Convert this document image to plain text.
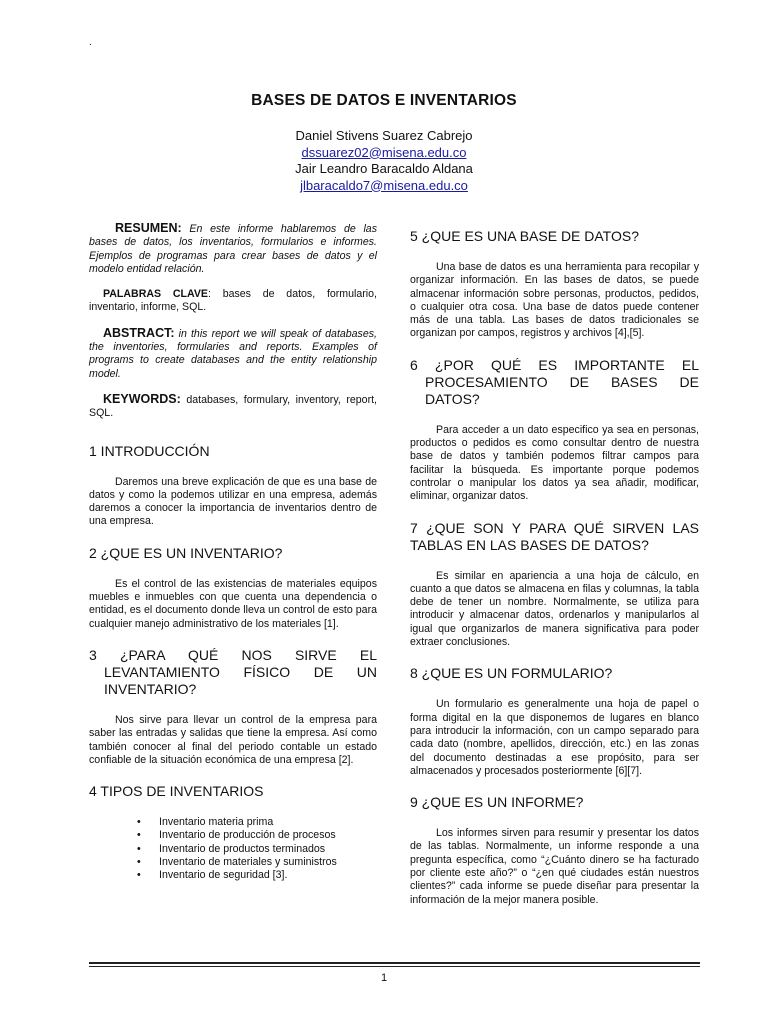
.
BASES DE DATOS E INVENTARIOS
Daniel Stivens Suarez Cabrejo
dssuarez02@misena.edu.co
Jair Leandro Baracaldo Aldana
jlbaracaldo7@misena.edu.co

RESUMEN: En este informe hablaremos de las bases de datos, los inventarios, formularios e informes. Ejemplos de programas para crear bases de datos y el modelo entidad relación.

PALABRAS CLAVE: bases de datos, formulario, inventario, informe, SQL.

ABSTRACT: in this report we will speak of databases, the inventories, formularies and reports. Examples of programs to create databases and the entity relationship model.

KEYWORDS: databases, formulary, inventory, report, SQL.

1 INTRODUCCIÓN

Daremos una breve explicación de que es una base de datos y como la podemos utilizar en una empresa, además daremos a conocer la importancia de inventarios dentro de una empresa.

2 ¿QUE ES UN INVENTARIO?

Es el control de las existencias de materiales equipos muebles e inmuebles con que cuenta una dependencia o entidad, es el documento donde lleva un control de esto para cualquier manejo administrativo de los materiales [1].

3 ¿PARA QUÉ NOS SIRVE EL LEVANTAMIENTO FÍSICO DE UN INVENTARIO?

Nos sirve para llevar un control de la empresa para saber las entradas y salidas que tiene la empresa. Así como también conocer al final del periodo contable un estado confiable de la situación económica de una empresa [2].

4 TIPOS DE INVENTARIOS
• Inventario materia prima
• Inventario de producción de procesos
• Inventario de productos terminados
• Inventario de materiales y suministros
• Inventario de seguridad [3].
5 ¿QUE ES UNA BASE DE DATOS?

Una base de datos es una herramienta para recopilar y organizar información. En las bases de datos, se puede almacenar información sobre personas, productos, pedidos, o cualquier otra cosa. Una base de datos puede contener más de una tabla. Las bases de datos tradicionales se organizan por campos, registros y archivos [4],[5].

6 ¿POR QUÉ ES IMPORTANTE EL PROCESAMIENTO DE BASES DE DATOS?

Para acceder a un dato especifico ya sea en personas, productos o pedidos es como consultar dentro de nuestra base de datos y también podemos filtrar campos para facilitar la búsqueda. Es importante porque podemos controlar o manipular los datos ya sea añadir, modificar, eliminar, organizar datos.

7 ¿QUE SON Y PARA QUÉ SIRVEN LAS TABLAS EN LAS BASES DE DATOS?

Es similar en apariencia a una hoja de cálculo, en cuanto a que datos se almacena en filas y columnas, la tabla debe de tener un nombre. Normalmente, se utiliza para introducir y almacenar datos, ordenarlos y manipularlos al igual que organizarlos de manera significativa para poder extraer conclusiones.

8 ¿QUE ES UN FORMULARIO?

Un formulario es generalmente una hoja de papel o forma digital en la que disponemos de lugares en blanco para introducir la información, con un campo separado para cada dato (nombre, apellidos, dirección, etc.) en las zonas del documento destinadas a ese propósito, para ser almacenados y procesados posteriormente [6][7].

9 ¿QUE ES UN INFORME?

Los informes sirven para resumir y presentar los datos de las tablas. Normalmente, un informe responde a una pregunta específica, como “¿Cuánto dinero se ha facturado por cliente este año?” o “¿en qué ciudades están nuestros clientes?” cada informe se puede diseñar para presentar la información de la mejor manera posible.

1
